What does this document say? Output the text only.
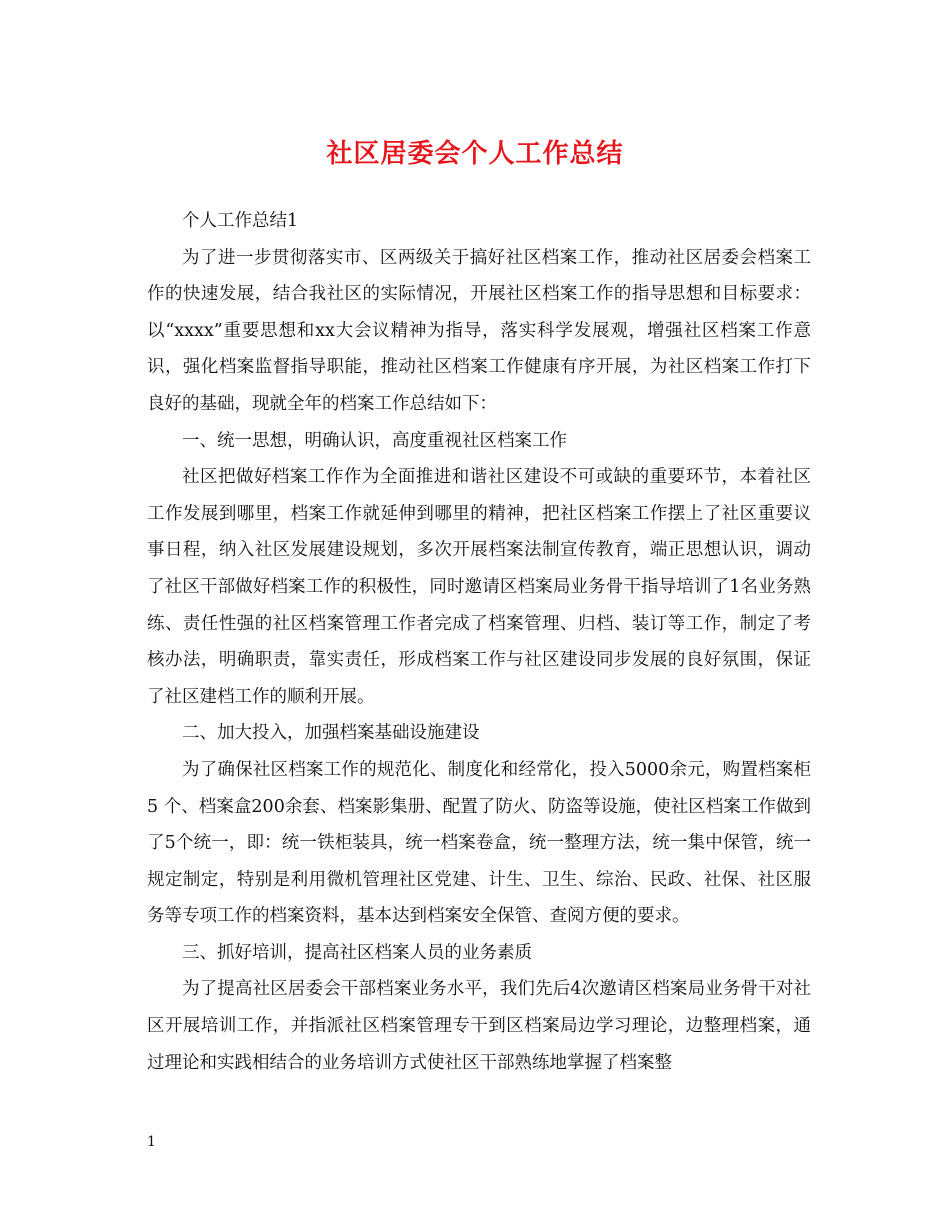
社区居委会个人工作总结

个人工作总结1

为了进一步贯彻落实市、区两级关于搞好社区档案工作，推动社区居委会档案工作的快速发展，结合我社区的实际情况，开展社区档案工作的指导思想和目标要求：以“xxxx”重要思想和xx大会议精神为指导，落实科学发展观，增强社区档案工作意识，强化档案监督指导职能，推动社区档案工作健康有序开展，为社区档案工作打下良好的基础，现就全年的档案工作总结如下：

一、统一思想，明确认识，高度重视社区档案工作

社区把做好档案工作作为全面推进和谐社区建设不可或缺的重要环节，本着社区工作发展到哪里，档案工作就延伸到哪里的精神，把社区档案工作摆上了社区重要议事日程，纳入社区发展建设规划，多次开展档案法制宣传教育，端正思想认识，调动了社区干部做好档案工作的积极性，同时邀请区档案局业务骨干指导培训了1名业务熟练、责任性强的社区档案管理工作者完成了档案管理、归档、装订等工作，制定了考核办法，明确职责，靠实责任，形成档案工作与社区建设同步发展的良好氛围，保证了社区建档工作的顺利开展。

二、加大投入，加强档案基础设施建设

为了确保社区档案工作的规范化、制度化和经常化，投入5000余元，购置档案柜5 个、档案盒200余套、档案影集册、配置了防火、防盗等设施，使社区档案工作做到了5个统一，即：统一铁柜装具，统一档案卷盒，统一整理方法，统一集中保管，统一规定制定，特别是利用微机管理社区党建、计生、卫生、综治、民政、社保、社区服务等专项工作的档案资料，基本达到档案安全保管、查阅方便的要求。

三、抓好培训，提高社区档案人员的业务素质

为了提高社区居委会干部档案业务水平，我们先后4次邀请区档案局业务骨干对社区开展培训工作，并指派社区档案管理专干到区档案局边学习理论，边整理档案，通过理论和实践相结合的业务培训方式使社区干部熟练地掌握了档案整

1
